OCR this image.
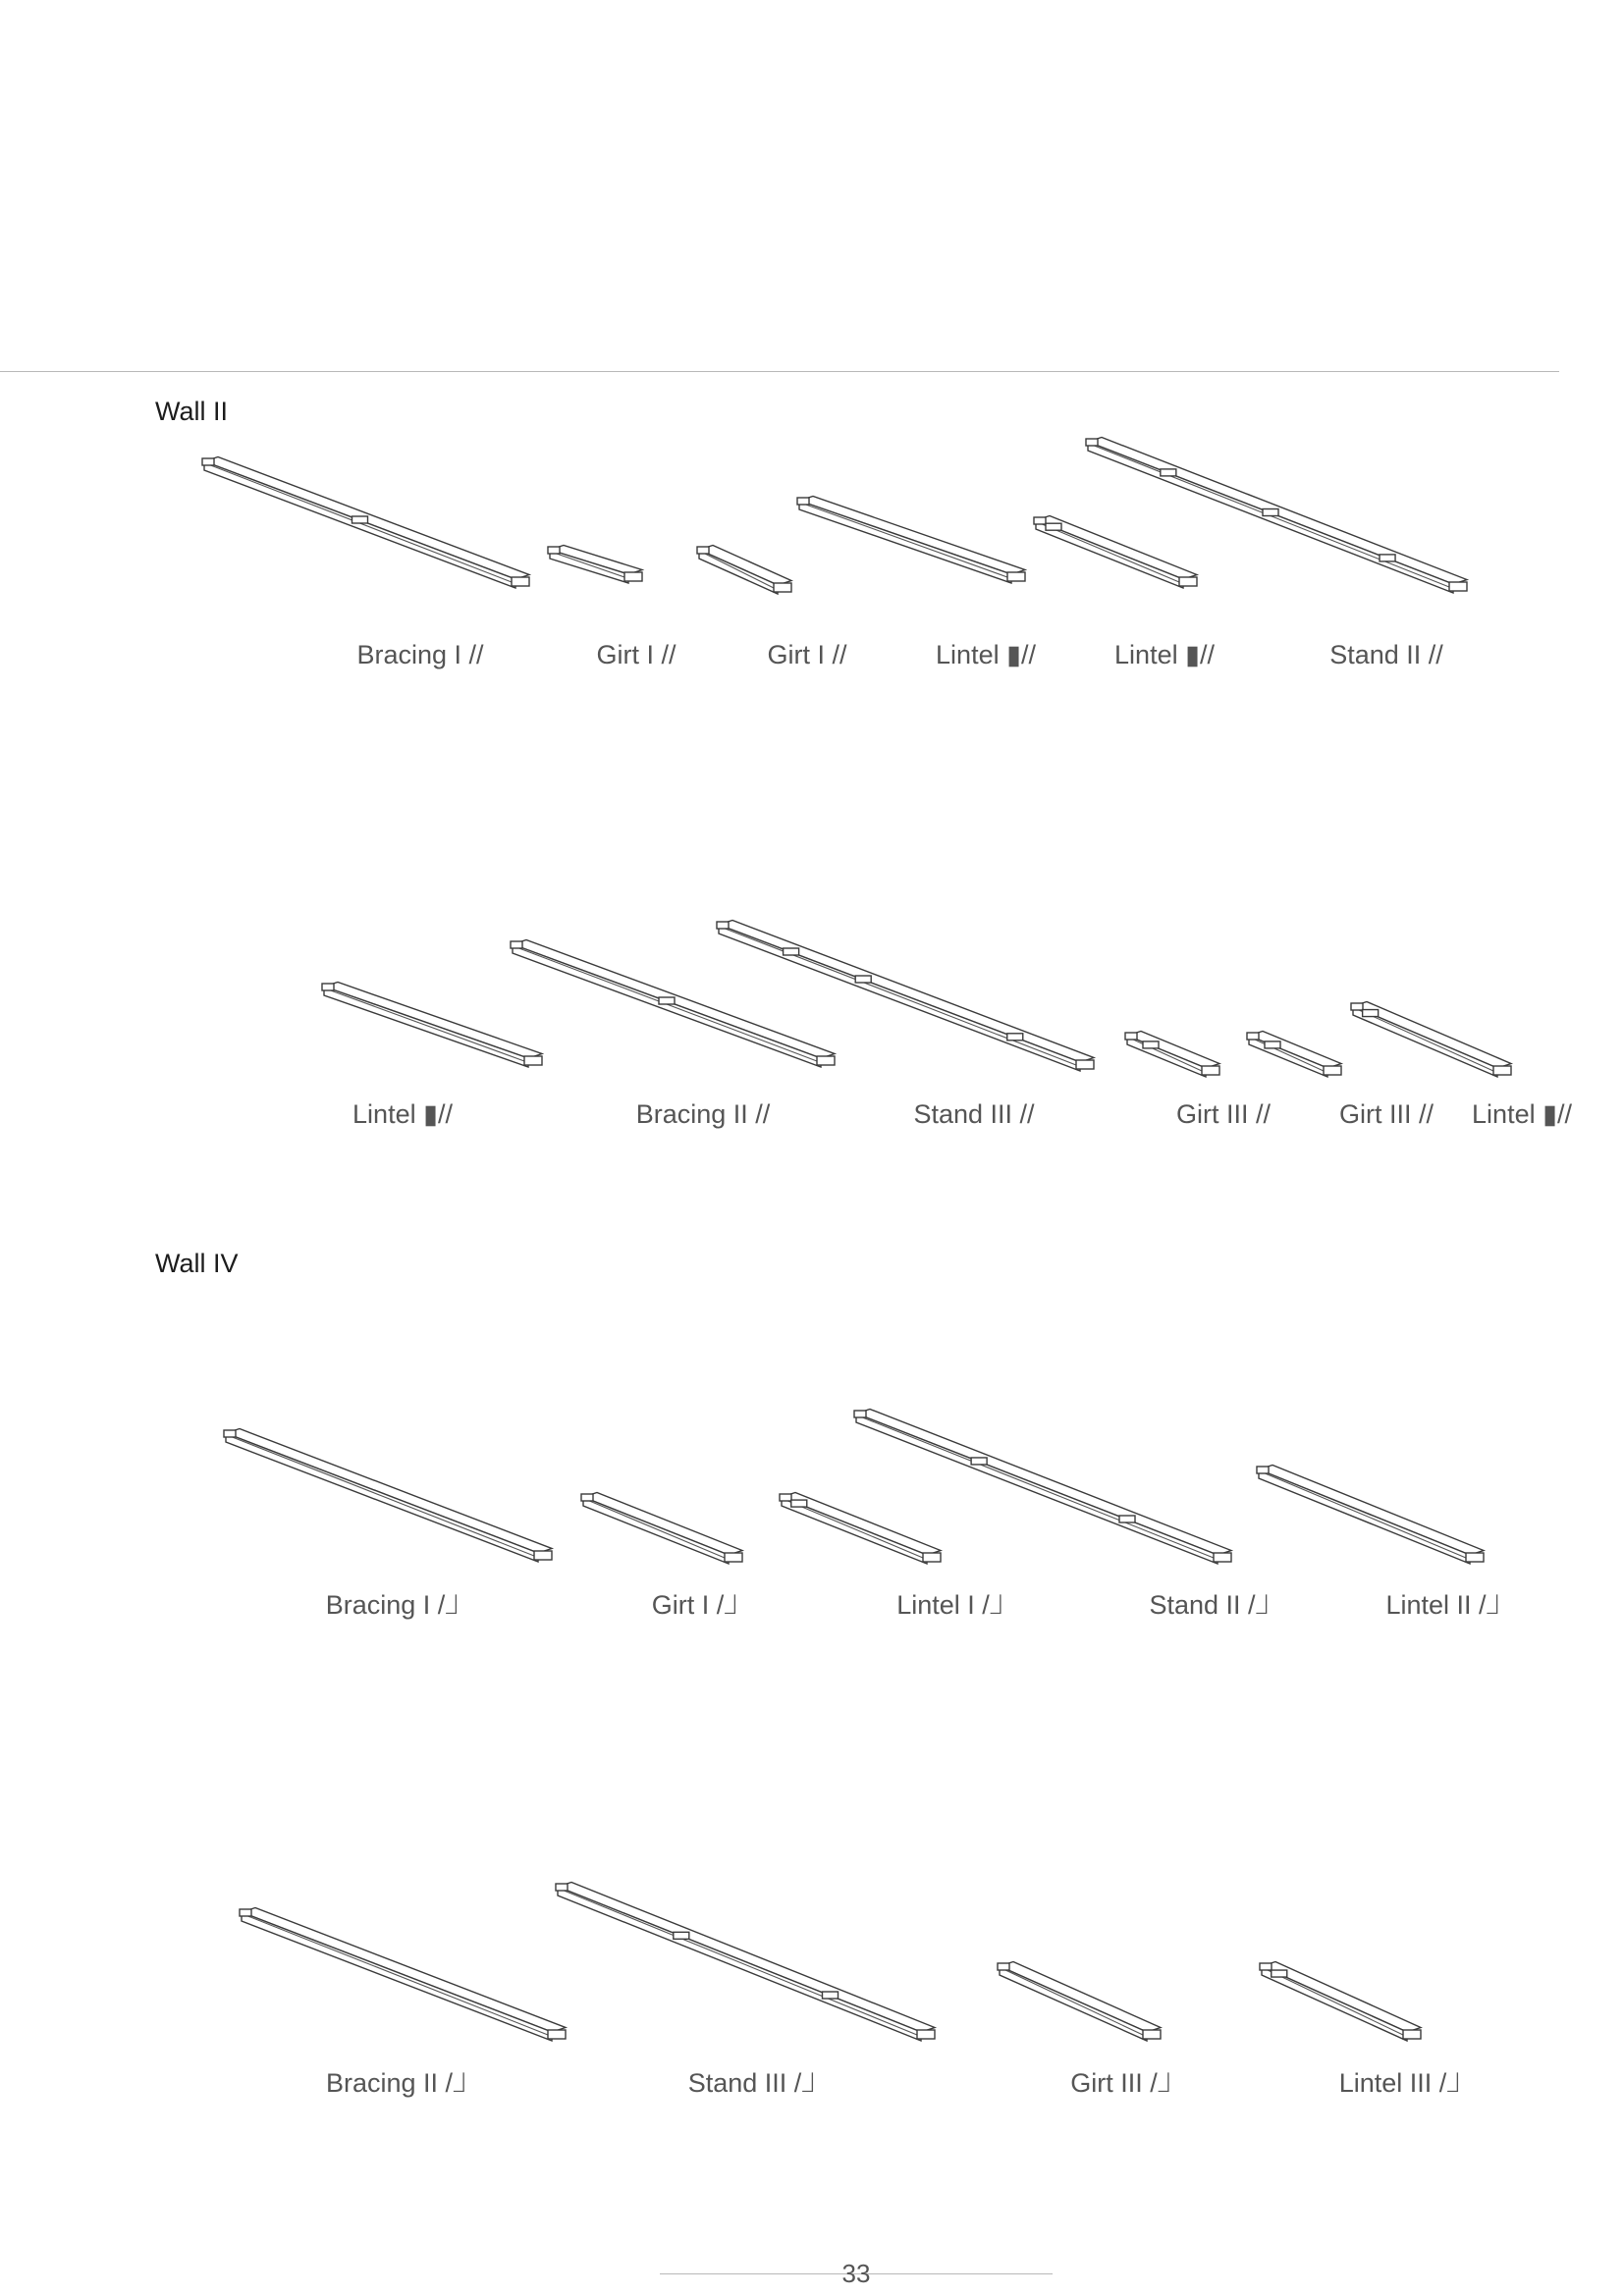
Wall II
Wall IV
Bracing I //	Girt I //	Girt I //	Lintel ▮//	Lintel ▮//	Stand II //
Lintel ▮//	Bracing II //	Stand III //	Girt III //	Girt III // Lintel ▮//
Bracing I /⅃	Girt I /⅃	Lintel I /⅃	Stand II /⅃	Lintel II /⅃
Bracing II /⅃	Stand III /⅃	Girt III /⅃	Lintel III /⅃
33
